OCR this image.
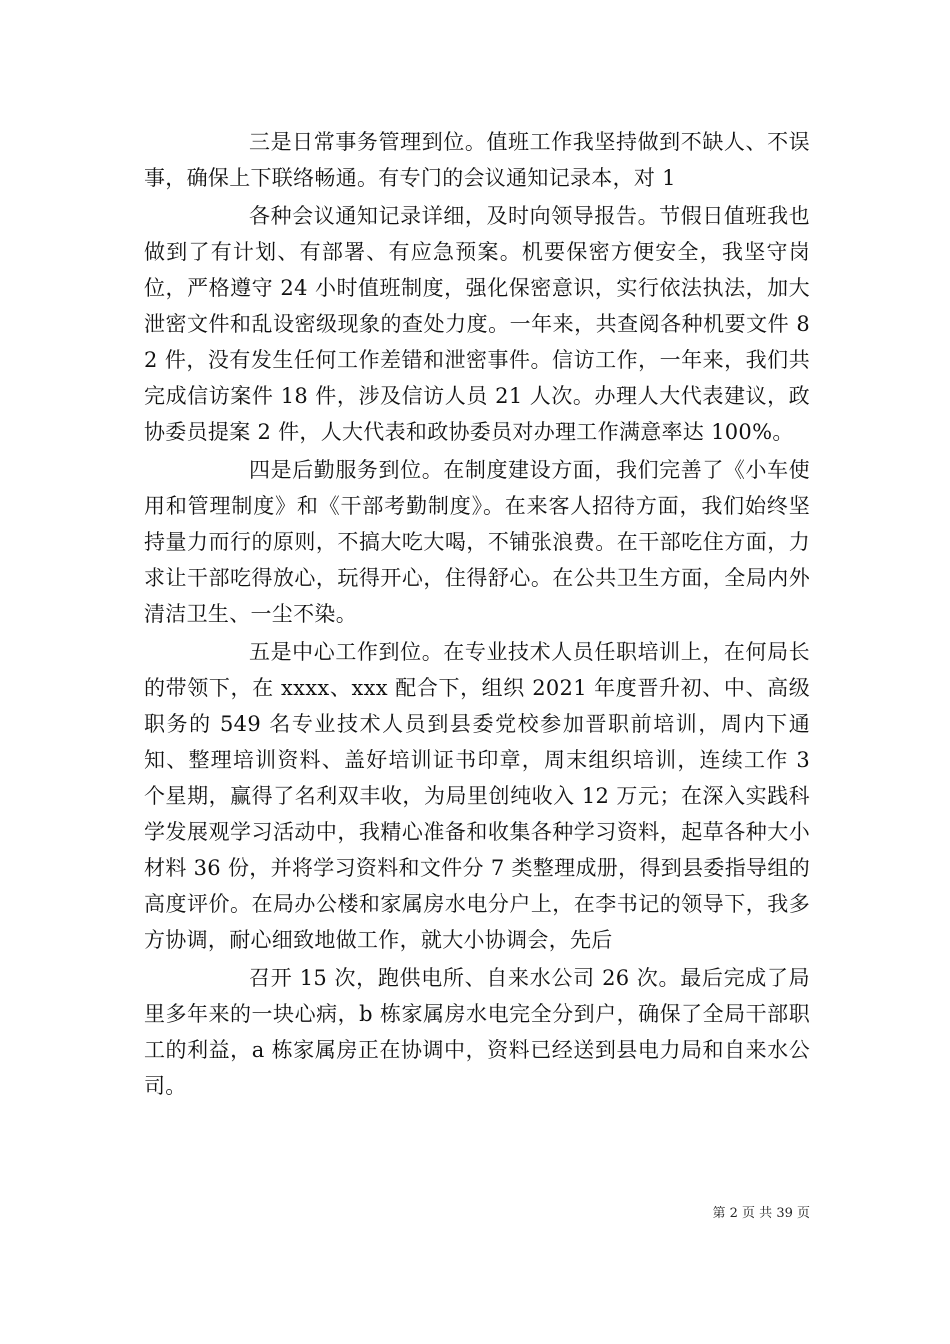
三是日常事务管理到位。值班工作我坚持做到不缺人、不误事，确保上下联络畅通。有专门的会议通知记录本，对 1

各种会议通知记录详细，及时向领导报告。节假日值班我也做到了有计划、有部署、有应急预案。机要保密方便安全，我坚守岗位，严格遵守 24 小时值班制度，强化保密意识，实行依法执法，加大泄密文件和乱设密级现象的查处力度。一年来，共查阅各种机要文件 82 件，没有发生任何工作差错和泄密事件。信访工作，一年来，我们共完成信访案件 18 件，涉及信访人员 21 人次。办理人大代表建议，政协委员提案 2 件，人大代表和政协委员对办理工作满意率达 100%。

四是后勤服务到位。在制度建设方面，我们完善了《小车使用和管理制度》和《干部考勤制度》。在来客人招待方面，我们始终坚持量力而行的原则，不搞大吃大喝，不铺张浪费。在干部吃住方面，力求让干部吃得放心，玩得开心，住得舒心。在公共卫生方面，全局内外清洁卫生、一尘不染。

五是中心工作到位。在专业技术人员任职培训上，在何局长的带领下，在 xxxx、xxx 配合下，组织 2021 年度晋升初、中、高级职务的 549 名专业技术人员到县委党校参加晋职前培训，周内下通知、整理培训资料、盖好培训证书印章，周末组织培训，连续工作 3 个星期，赢得了名利双丰收，为局里创纯收入 12 万元；在深入实践科学发展观学习活动中，我精心准备和收集各种学习资料，起草各种大小材料 36 份，并将学习资料和文件分 7 类整理成册，得到县委指导组的高度评价。在局办公楼和家属房水电分户上，在李书记的领导下，我多方协调，耐心细致地做工作，就大小协调会，先后

召开 15 次，跑供电所、自来水公司 26 次。最后完成了局里多年来的一块心病，b 栋家属房水电完全分到户，确保了全局干部职工的利益，a 栋家属房正在协调中，资料已经送到县电力局和自来水公司。

第 2 页 共 39 页
